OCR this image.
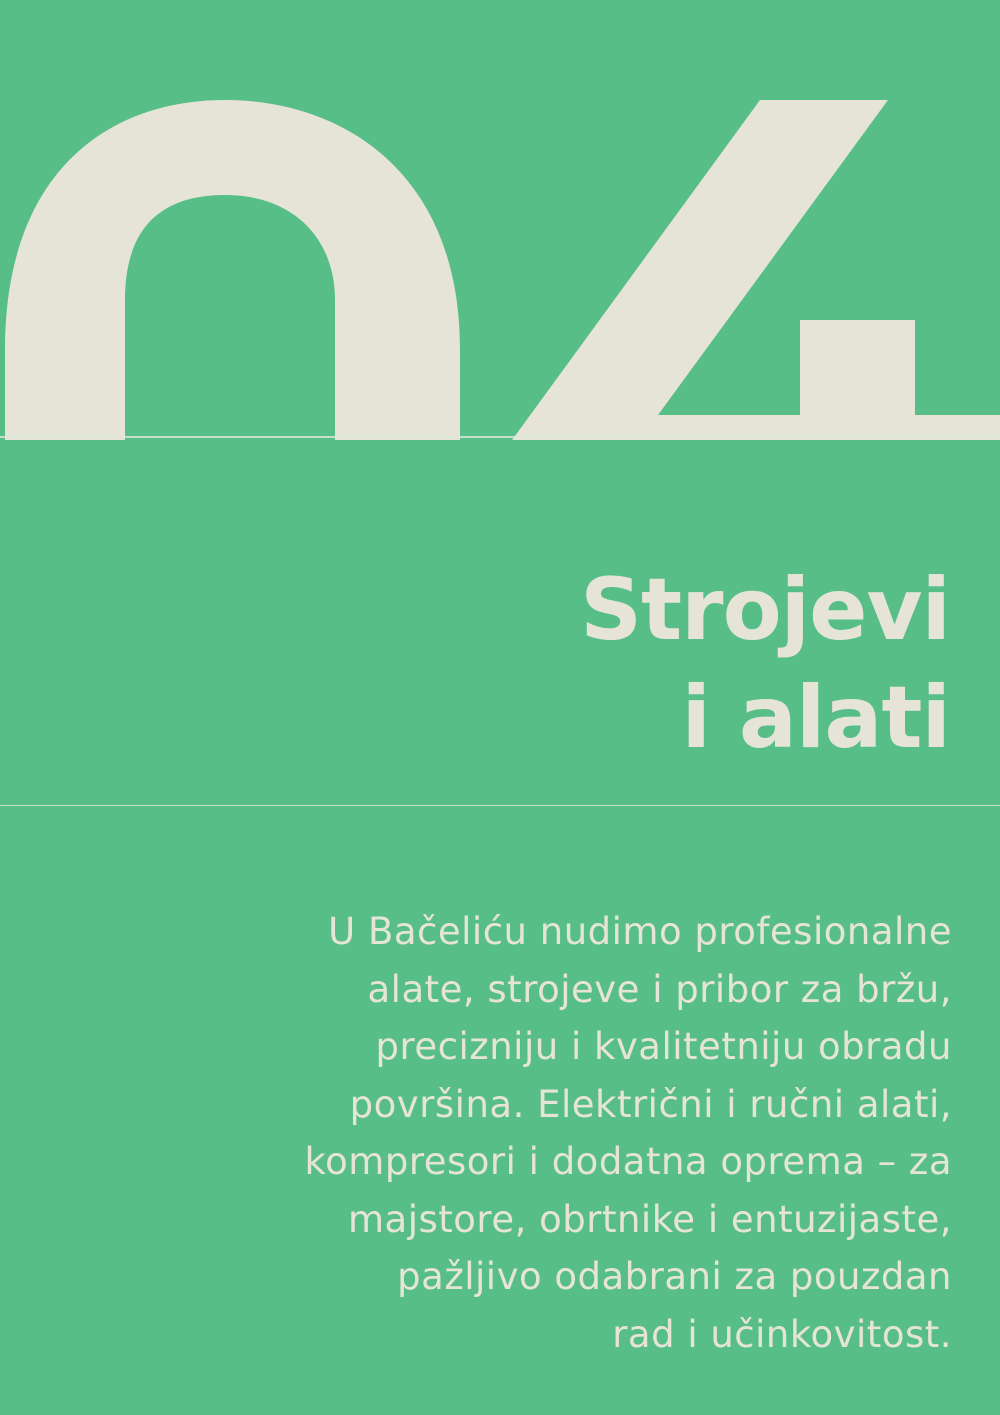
Strojevi
i alati

U Bačeliću nudimo profesionalne
alate, strojeve i pribor za bržu,
precizniju i kvalitetniju obradu
površina. Električni i ručni alati,
kompresori i dodatna oprema – za
majstore, obrtnike i entuzijaste,
pažljivo odabrani za pouzdan
rad i učinkovitost.
